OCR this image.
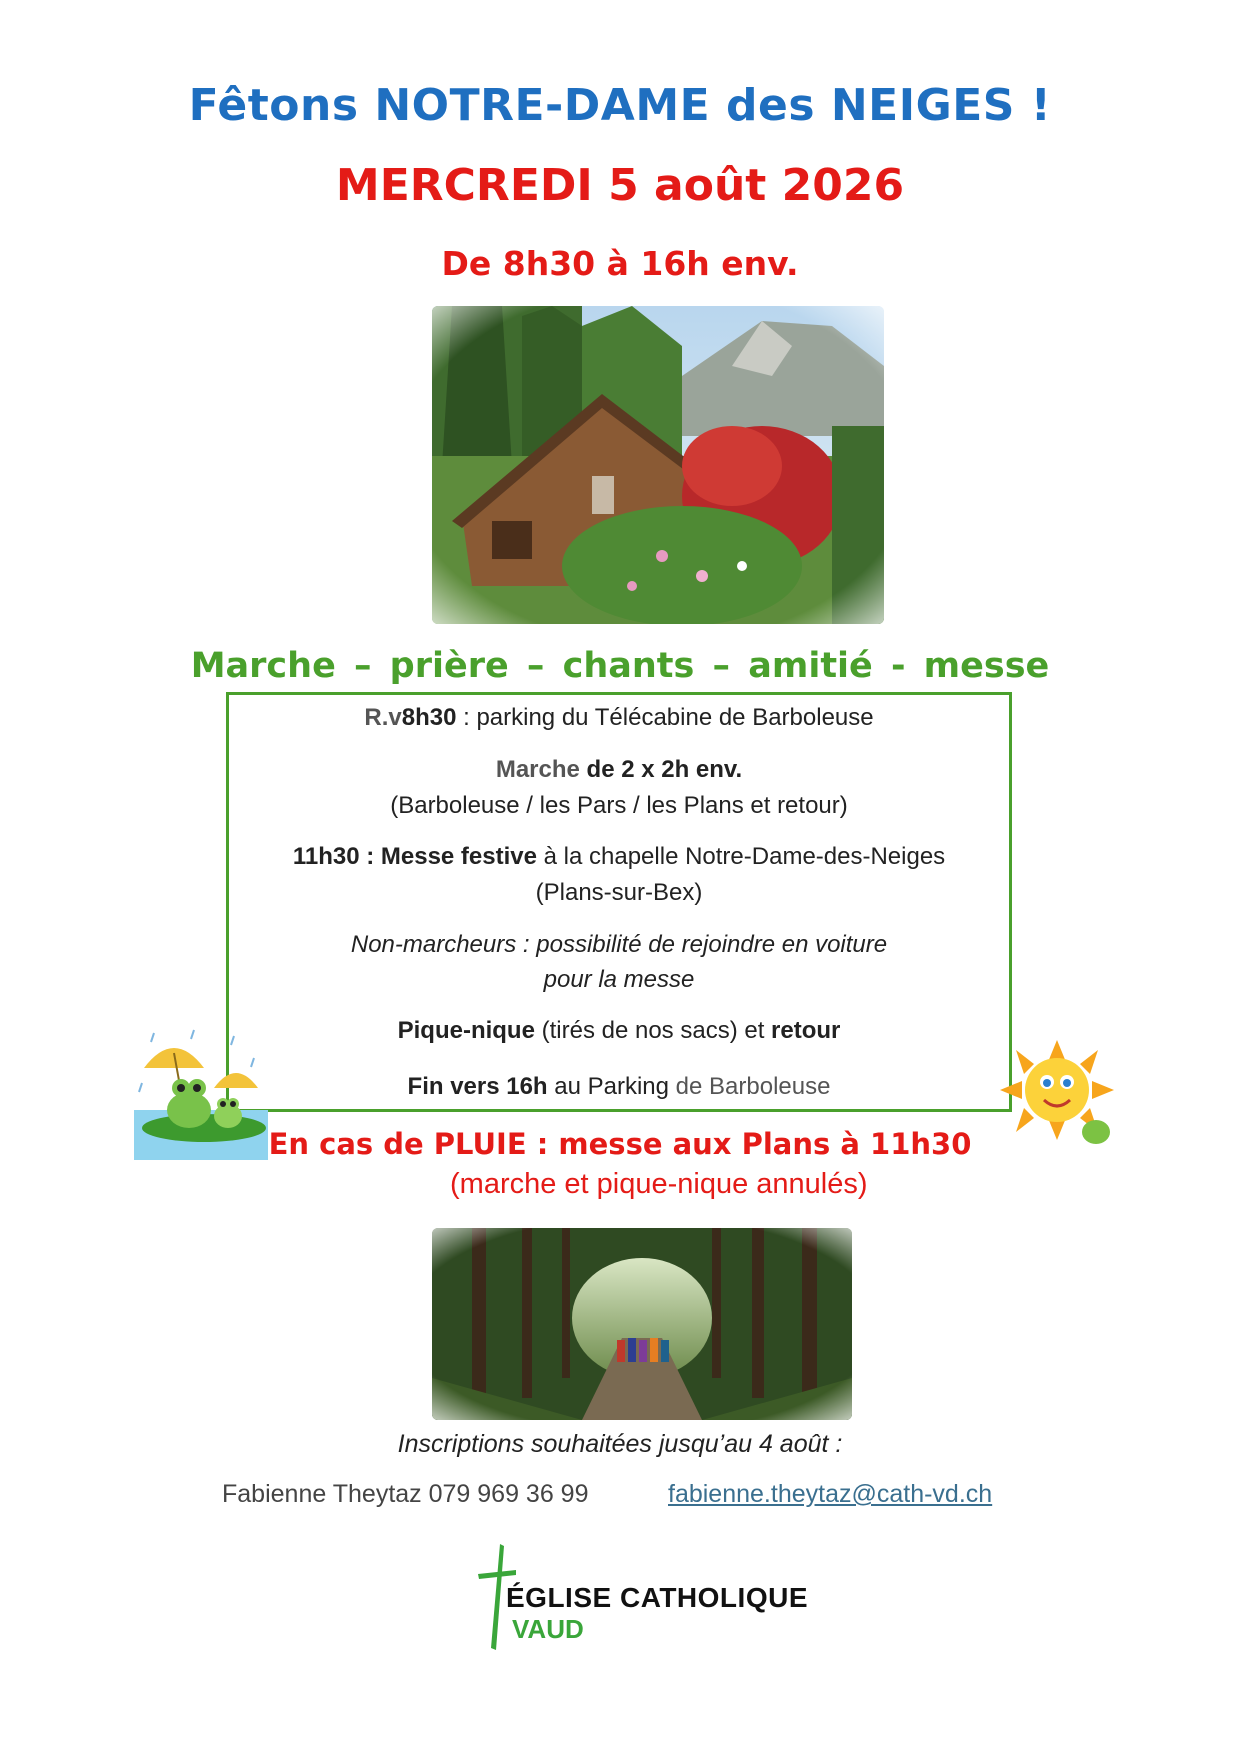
Fêtons NOTRE-DAME des NEIGES !
MERCREDI 5 août 2026
De 8h30 à 16h env.
Marche – prière – chants – amitié - messe
R.v8h30 : parking du Télécabine de Barboleuse
Marche de 2 x 2h env.
(Barboleuse / les Pars / les Plans et retour)
11h30 : Messe festive à la chapelle Notre-Dame-des-Neiges
(Plans-sur-Bex)
Non-marcheurs : possibilité de rejoindre en voiture
pour la messe
Pique-nique (tirés de nos sacs) et retour
Fin vers 16h au Parking de Barboleuse
En cas de PLUIE : messe aux Plans à 11h30
(marche et pique-nique annulés)
Inscriptions souhaitées jusqu’au 4 août :
Fabienne Theytaz 079 969 36 99	fabienne.theytaz@cath-vd.ch
ÉGLISE CATHOLIQUE
VAUD
